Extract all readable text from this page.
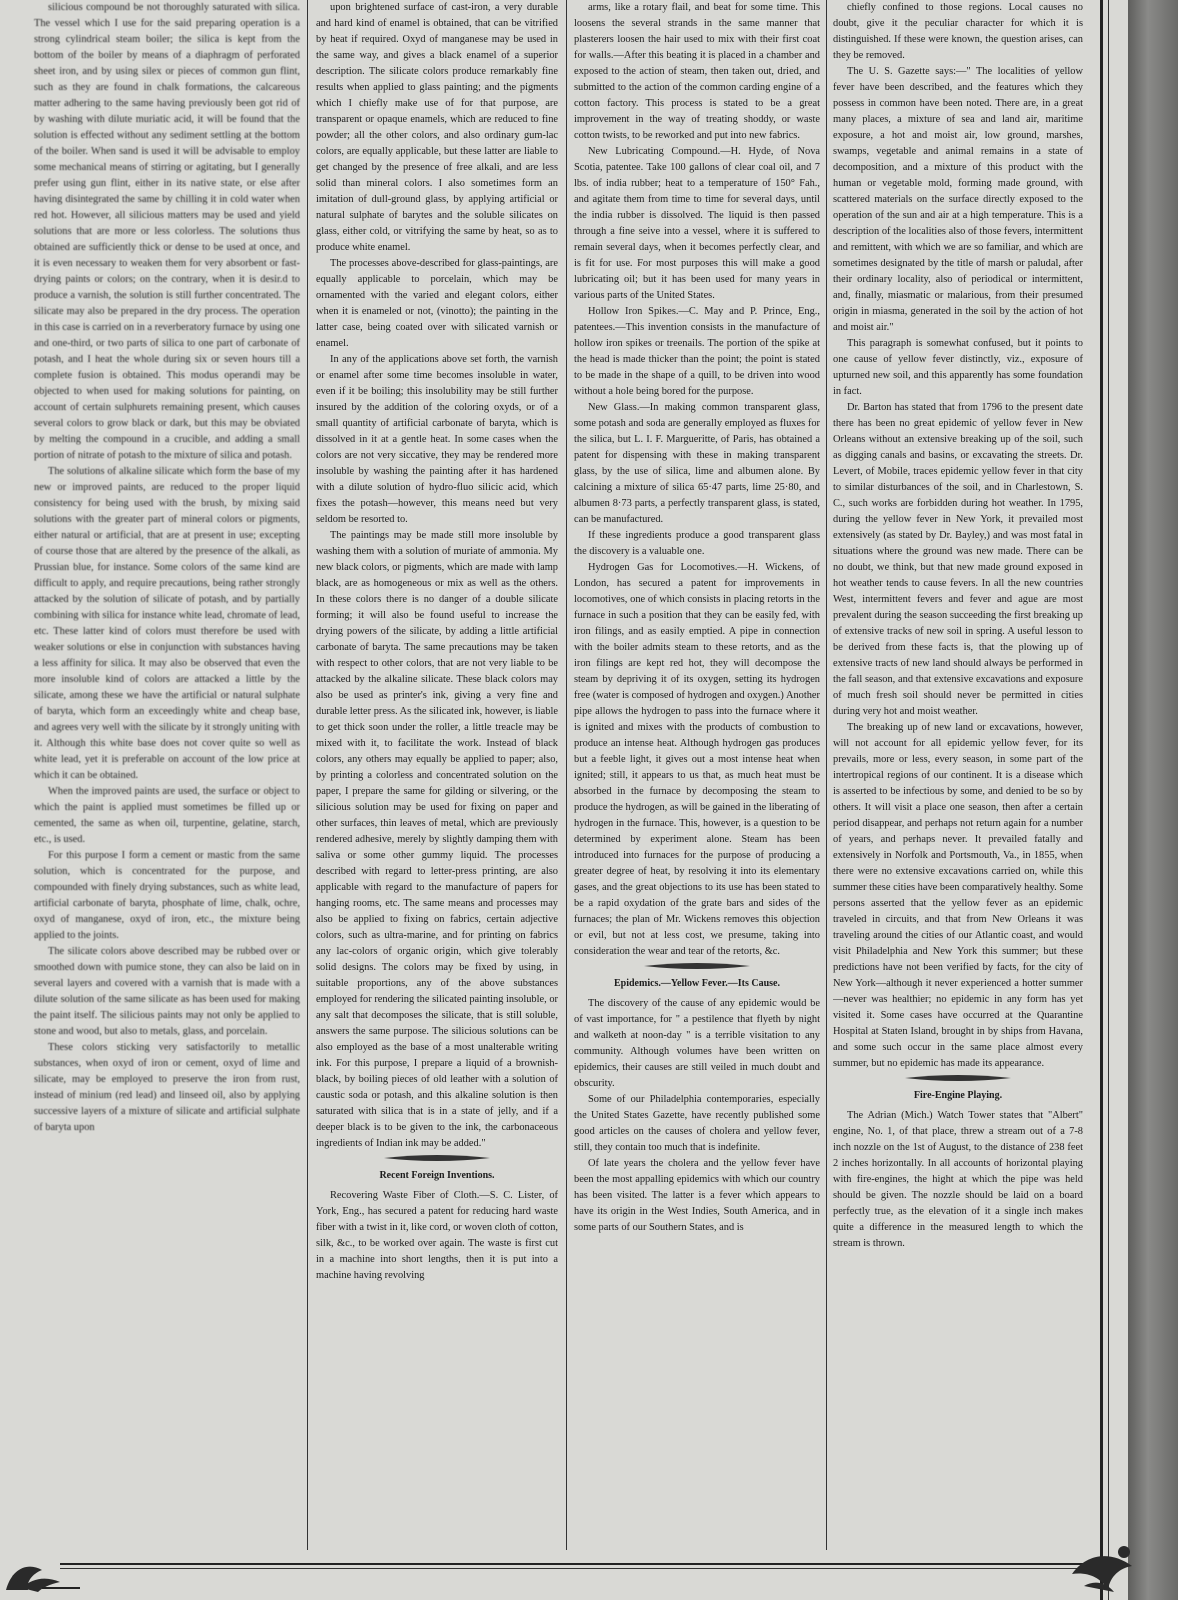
silicious compound be not thoroughly saturated with silica. The vessel which I use for the said preparing operation is a strong cylindrical steam boiler; the silica is kept from the bottom of the boiler by means of a diaphragm of perforated sheet iron, and by using silex or pieces of common gun flint, such as they are found in chalk formations, the calcareous matter adhering to the same having previously been got rid of by washing with dilute muriatic acid, it will be found that the solution is effected without any sediment settling at the bottom of the boiler. When sand is used it will be advisable to employ some mechanical means of stirring or agitating, but I generally prefer using gun flint, either in its native state, or else after having disintegrated the same by chilling it in cold water when red hot. However, all silicious matters may be used and yield solutions that are more or less colorless. The solutions thus obtained are sufficiently thick or dense to be used at once, and it is even necessary to weaken them for very absorbent or fast-drying paints or colors; on the contrary, when it is desir.d to produce a varnish, the solution is still further concentrated. The silicate may also be prepared in the dry process. The operation in this case is carried on in a reverberatory furnace by using one and one-third, or two parts of silica to one part of carbonate of potash, and I heat the whole during six or seven hours till a complete fusion is obtained. This modus operandi may be objected to when used for making solutions for painting, on account of certain sulphurets remaining present, which causes several colors to grow black or dark, but this may be obviated by melting the compound in a crucible, and adding a small portion of nitrate of potash to the mixture of silica and potash.

The solutions of alkaline silicate which form the base of my new or improved paints, are reduced to the proper liquid consistency for being used with the brush, by mixing said solutions with the greater part of mineral colors or pigments, either natural or artificial, that are at present in use; excepting of course those that are altered by the presence of the alkali, as Prussian blue, for instance. Some colors of the same kind are difficult to apply, and require precautions, being rather strongly attacked by the solution of silicate of potash, and by partially combining with silica for instance white lead, chromate of lead, etc. These latter kind of colors must therefore be used with weaker solutions or else in conjunction with substances having a less affinity for silica. It may also be observed that even the more insoluble kind of colors are attacked a little by the silicate, among these we have the artificial or natural sulphate of baryta, which form an exceedingly white and cheap base, and agrees very well with the silicate by it strongly uniting with it. Although this white base does not cover quite so well as white lead, yet it is preferable on account of the low price at which it can be obtained.

When the improved paints are used, the surface or object to which the paint is applied must sometimes be filled up or cemented, the same as when oil, turpentine, gelatine, starch, etc., is used.

For this purpose I form a cement or mastic from the same solution, which is concentrated for the purpose, and compounded with finely drying substances, such as white lead, artificial carbonate of baryta, phosphate of lime, chalk, ochre, oxyd of manganese, oxyd of iron, etc., the mixture being applied to the joints.

The silicate colors above described may be rubbed over or smoothed down with pumice stone, they can also be laid on in several layers and covered with a varnish that is made with a dilute solution of the same silicate as has been used for making the paint itself. The silicious paints may not only be applied to stone and wood, but also to metals, glass, and porcelain.

These colors sticking very satisfactorily to metallic substances, when oxyd of iron or cement, oxyd of lime and silicate, may be employed to preserve the iron from rust, instead of minium (red lead) and linseed oil, also by applying successive layers of a mixture of silicate and artificial sulphate of baryta upon

upon brightened surface of cast-iron, a very durable and hard kind of enamel is obtained, that can be vitrified by heat if required. Oxyd of manganese may be used in the same way, and gives a black enamel of a superior description. The silicate colors produce remarkably fine results when applied to glass painting; and the pigments which I chiefly make use of for that purpose, are transparent or opaque enamels, which are reduced to fine powder; all the other colors, and also ordinary gum-lac colors, are equally applicable, but these latter are liable to get changed by the presence of free alkali, and are less solid than mineral colors. I also sometimes form an imitation of dull-ground glass, by applying artificial or natural sulphate of barytes and the soluble silicates on glass, either cold, or vitrifying the same by heat, so as to produce white enamel.

The processes above-described for glass-paintings, are equally applicable to porcelain, which may be ornamented with the varied and elegant colors, either when it is enameled or not, (vinotto); the painting in the latter case, being coated over with silicated varnish or enamel.

In any of the applications above set forth, the varnish or enamel after some time becomes insoluble in water, even if it be boiling; this insolubility may be still further insured by the addition of the coloring oxyds, or of a small quantity of artificial carbonate of baryta, which is dissolved in it at a gentle heat. In some cases when the colors are not very siccative, they may be rendered more insoluble by washing the painting after it has hardened with a dilute solution of hydro-fluo silicic acid, which fixes the potash—however, this means need but very seldom be resorted to.

The paintings may be made still more insoluble by washing them with a solution of muriate of ammonia. My new black colors, or pigments, which are made with lamp black, are as homogeneous or mix as well as the others. In these colors there is no danger of a double silicate forming; it will also be found useful to increase the drying powers of the silicate, by adding a little artificial carbonate of baryta. The same precautions may be taken with respect to other colors, that are not very liable to be attacked by the alkaline silicate. These black colors may also be used as printer's ink, giving a very fine and durable letter press. As the silicated ink, however, is liable to get thick soon under the roller, a little treacle may be mixed with it, to facilitate the work. Instead of black colors, any others may equally be applied to paper; also, by printing a colorless and concentrated solution on the paper, I prepare the same for gilding or silvering, or the silicious solution may be used for fixing on paper and other surfaces, thin leaves of metal, which are previously rendered adhesive, merely by slightly damping them with saliva or some other gummy liquid. The processes described with regard to letter-press printing, are also applicable with regard to the manufacture of papers for hanging rooms, etc. The same means and processes may also be applied to fixing on fabrics, certain adjective colors, such as ultra-marine, and for printing on fabrics any lac-colors of organic origin, which give tolerably solid designs. The colors may be fixed by using, in suitable proportions, any of the above substances employed for rendering the silicated painting insoluble, or any salt that decomposes the silicate, that is still soluble, answers the same purpose. The silicious solutions can be also employed as the base of a most unalterable writing ink. For this purpose, I prepare a liquid of a brownish-black, by boiling pieces of old leather with a solution of caustic soda or potash, and this alkaline solution is then saturated with silica that is in a state of jelly, and if a deeper black is to be given to the ink, the carbonaceous ingredients of Indian ink may be added."

Recent Foreign Inventions.

Recovering Waste Fiber of Cloth.—S. C. Lister, of York, Eng., has secured a patent for reducing hard waste fiber with a twist in it, like cord, or woven cloth of cotton, silk, &c., to be worked over again. The waste is first cut in a machine into short lengths, then it is put into a machine having revolving

arms, like a rotary flail, and beat for some time. This loosens the several strands in the same manner that plasterers loosen the hair used to mix with their first coat for walls.—After this beating it is placed in a chamber and exposed to the action of steam, then taken out, dried, and submitted to the action of the common carding engine of a cotton factory. This process is stated to be a great improvement in the way of treating shoddy, or waste cotton twists, to be reworked and put into new fabrics.

New Lubricating Compound.—H. Hyde, of Nova Scotia, patentee. Take 100 gallons of clear coal oil, and 7 lbs. of india rubber; heat to a temperature of 150° Fah., and agitate them from time to time for several days, until the india rubber is dissolved. The liquid is then passed through a fine seive into a vessel, where it is suffered to remain several days, when it becomes perfectly clear, and is fit for use. For most purposes this will make a good lubricating oil; but it has been used for many years in various parts of the United States.

Hollow Iron Spikes.—C. May and P. Prince, Eng., patentees.—This invention consists in the manufacture of hollow iron spikes or treenails. The portion of the spike at the head is made thicker than the point; the point is stated to be made in the shape of a quill, to be driven into wood without a hole being bored for the purpose.

New Glass.—In making common transparent glass, some potash and soda are generally employed as fluxes for the silica, but L. I. F. Margueritte, of Paris, has obtained a patent for dispensing with these in making transparent glass, by the use of silica, lime and albumen alone. By calcining a mixture of silica 65·47 parts, lime 25·80, and albumen 8·73 parts, a perfectly transparent glass, is stated, can be manufactured.

If these ingredients produce a good transparent glass the discovery is a valuable one.

Hydrogen Gas for Locomotives.—H. Wickens, of London, has secured a patent for improvements in locomotives, one of which consists in placing retorts in the furnace in such a position that they can be easily fed, with iron filings, and as easily emptied. A pipe in connection with the boiler admits steam to these retorts, and as the iron filings are kept red hot, they will decompose the steam by depriving it of its oxygen, setting its hydrogen free (water is composed of hydrogen and oxygen.) Another pipe allows the hydrogen to pass into the furnace where it is ignited and mixes with the products of combustion to produce an intense heat. Although hydrogen gas produces but a feeble light, it gives out a most intense heat when ignited; still, it appears to us that, as much heat must be absorbed in the furnace by decomposing the steam to produce the hydrogen, as will be gained in the liberating of hydrogen in the furnace. This, however, is a question to be determined by experiment alone. Steam has been introduced into furnaces for the purpose of producing a greater degree of heat, by resolving it into its elementary gases, and the great objections to its use has been stated to be a rapid oxydation of the grate bars and sides of the furnaces; the plan of Mr. Wickens removes this objection or evil, but not at less cost, we presume, taking into consideration the wear and tear of the retorts, &c.

Epidemics.—Yellow Fever.—Its Cause.

The discovery of the cause of any epidemic would be of vast importance, for " a pestilence that flyeth by night and walketh at noon-day " is a terrible visitation to any community. Although volumes have been written on epidemics, their causes are still veiled in much doubt and obscurity.

Some of our Philadelphia contemporaries, especially the United States Gazette, have recently published some good articles on the causes of cholera and yellow fever, still, they contain too much that is indefinite.

Of late years the cholera and the yellow fever have been the most appalling epidemics with which our country has been visited. The latter is a fever which appears to have its origin in the West Indies, South America, and in some parts of our Southern States, and is

chiefly confined to those regions. Local causes no doubt, give it the peculiar character for which it is distinguished. If these were known, the question arises, can they be removed.

The U. S. Gazette says:—" The localities of yellow fever have been described, and the features which they possess in common have been noted. There are, in a great many places, a mixture of sea and land air, maritime exposure, a hot and moist air, low ground, marshes, swamps, vegetable and animal remains in a state of decomposition, and a mixture of this product with the human or vegetable mold, forming made ground, with scattered materials on the surface directly exposed to the operation of the sun and air at a high temperature. This is a description of the localities also of those fevers, intermittent and remittent, with which we are so familiar, and which are sometimes designated by the title of marsh or paludal, after their ordinary locality, also of periodical or intermittent, and, finally, miasmatic or malarious, from their presumed origin in miasma, generated in the soil by the action of hot and moist air."

This paragraph is somewhat confused, but it points to one cause of yellow fever distinctly, viz., exposure of upturned new soil, and this apparently has some foundation in fact.

Dr. Barton has stated that from 1796 to the present date there has been no great epidemic of yellow fever in New Orleans without an extensive breaking up of the soil, such as digging canals and basins, or excavating the streets. Dr. Levert, of Mobile, traces epidemic yellow fever in that city to similar disturbances of the soil, and in Charlestown, S. C., such works are forbidden during hot weather. In 1795, during the yellow fever in New York, it prevailed most extensively (as stated by Dr. Bayley,) and was most fatal in situations where the ground was new made. There can be no doubt, we think, but that new made ground exposed in hot weather tends to cause fevers. In all the new countries West, intermittent fevers and fever and ague are most prevalent during the season succeeding the first breaking up of extensive tracks of new soil in spring. A useful lesson to be derived from these facts is, that the plowing up of extensive tracts of new land should always be performed in the fall season, and that extensive excavations and exposure of much fresh soil should never be permitted in cities during very hot and moist weather.

The breaking up of new land or excavations, however, will not account for all epidemic yellow fever, for its prevails, more or less, every season, in some part of the intertropical regions of our continent. It is a disease which is asserted to be infectious by some, and denied to be so by others. It will visit a place one season, then after a certain period disappear, and perhaps not return again for a number of years, and perhaps never. It prevailed fatally and extensively in Norfolk and Portsmouth, Va., in 1855, when there were no extensive excavations carried on, while this summer these cities have been comparatively healthy. Some persons asserted that the yellow fever as an epidemic traveled in circuits, and that from New Orleans it was traveling around the cities of our Atlantic coast, and would visit Philadelphia and New York this summer; but these predictions have not been verified by facts, for the city of New York—although it never experienced a hotter summer—never was healthier; no epidemic in any form has yet visited it. Some cases have occurred at the Quarantine Hospital at Staten Island, brought in by ships from Havana, and some such occur in the same place almost every summer, but no epidemic has made its appearance.

Fire-Engine Playing.

The Adrian (Mich.) Watch Tower states that "Albert" engine, No. 1, of that place, threw a stream out of a 7-8 inch nozzle on the 1st of August, to the distance of 238 feet 2 inches horizontally. In all accounts of horizontal playing with fire-engines, the hight at which the pipe was held should be given. The nozzle should be laid on a board perfectly true, as the elevation of it a single inch makes quite a difference in the measured length to which the stream is thrown.
